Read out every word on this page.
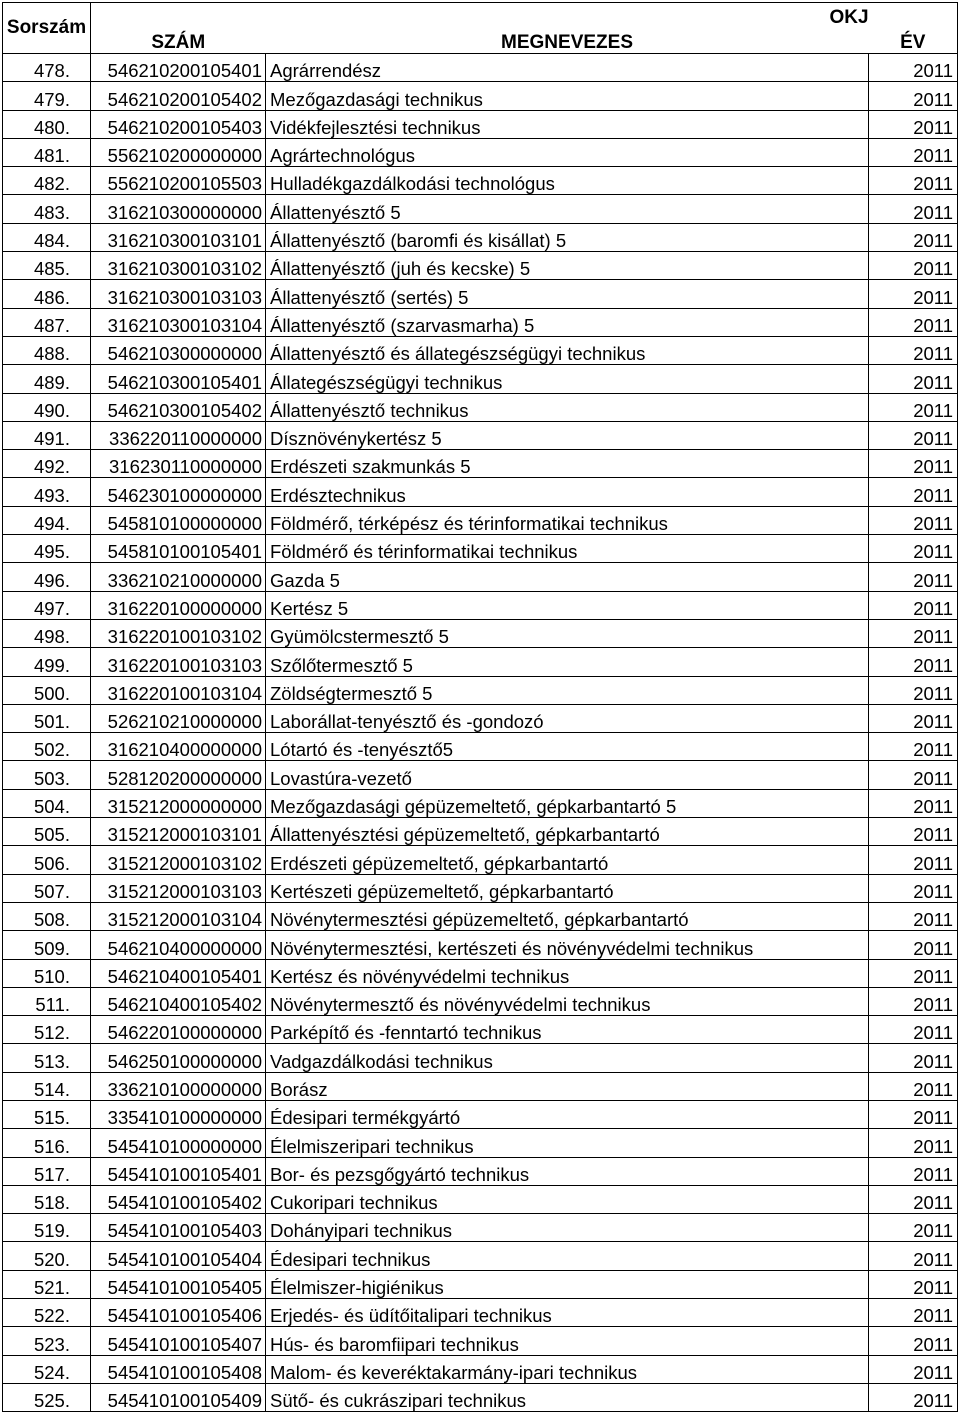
Sorszám	OKJ		
	SZÁM	MEGNEVEZES	ÉV
478.	546210200105401	Agrárrendész	2011
479.	546210200105402	Mezőgazdasági technikus	2011
480.	546210200105403	Vidékfejlesztési technikus	2011
481.	556210200000000	Agrártechnológus	2011
482.	556210200105503	Hulladékgazdálkodási technológus	2011
483.	316210300000000	Állattenyésztő 5	2011
484.	316210300103101	Állattenyésztő (baromfi és kisállat) 5	2011
485.	316210300103102	Állattenyésztő (juh és kecske) 5	2011
486.	316210300103103	Állattenyésztő (sertés) 5	2011
487.	316210300103104	Állattenyésztő (szarvasmarha) 5	2011
488.	546210300000000	Állattenyésztő és állategészségügyi technikus	2011
489.	546210300105401	Állategészségügyi technikus	2011
490.	546210300105402	Állattenyésztő technikus	2011
491.	336220110000000	Dísznövénykertész 5	2011
492.	316230110000000	Erdészeti szakmunkás 5	2011
493.	546230100000000	Erdésztechnikus	2011
494.	545810100000000	Földmérő, térképész és térinformatikai technikus	2011
495.	545810100105401	Földmérő és térinformatikai technikus	2011
496.	336210210000000	Gazda 5	2011
497.	316220100000000	Kertész 5	2011
498.	316220100103102	Gyümölcstermesztő 5	2011
499.	316220100103103	Szőlőtermesztő 5	2011
500.	316220100103104	Zöldségtermesztő 5	2011
501.	526210210000000	Laborállat-tenyésztő és -gondozó	2011
502.	316210400000000	Lótartó és -tenyésztő5	2011
503.	528120200000000	Lovastúra-vezető	2011
504.	315212000000000	Mezőgazdasági gépüzemeltető, gépkarbantartó 5	2011
505.	315212000103101	Állattenyésztési gépüzemeltető, gépkarbantartó	2011
506.	315212000103102	Erdészeti gépüzemeltető, gépkarbantartó	2011
507.	315212000103103	Kertészeti gépüzemeltető, gépkarbantartó	2011
508.	315212000103104	Növénytermesztési gépüzemeltető, gépkarbantartó	2011
509.	546210400000000	Növénytermesztési, kertészeti és növényvédelmi technikus	2011
510.	546210400105401	Kertész és növényvédelmi technikus	2011
511.	546210400105402	Növénytermesztő és növényvédelmi technikus	2011
512.	546220100000000	Parképítő és -fenntartó technikus	2011
513.	546250100000000	Vadgazdálkodási technikus	2011
514.	336210100000000	Borász	2011
515.	335410100000000	Édesipari termékgyártó	2011
516.	545410100000000	Élelmiszeripari technikus	2011
517.	545410100105401	Bor- és pezsgőgyártó technikus	2011
518.	545410100105402	Cukoripari technikus	2011
519.	545410100105403	Dohányipari technikus	2011
520.	545410100105404	Édesipari technikus	2011
521.	545410100105405	Élelmiszer-higiénikus	2011
522.	545410100105406	Erjedés- és üdítőitalipari technikus	2011
523.	545410100105407	Hús- és baromfiipari technikus	2011
524.	545410100105408	Malom- és keveréktakarmány-ipari technikus	2011
525.	545410100105409	Sütő- és cukrászipari technikus	2011
